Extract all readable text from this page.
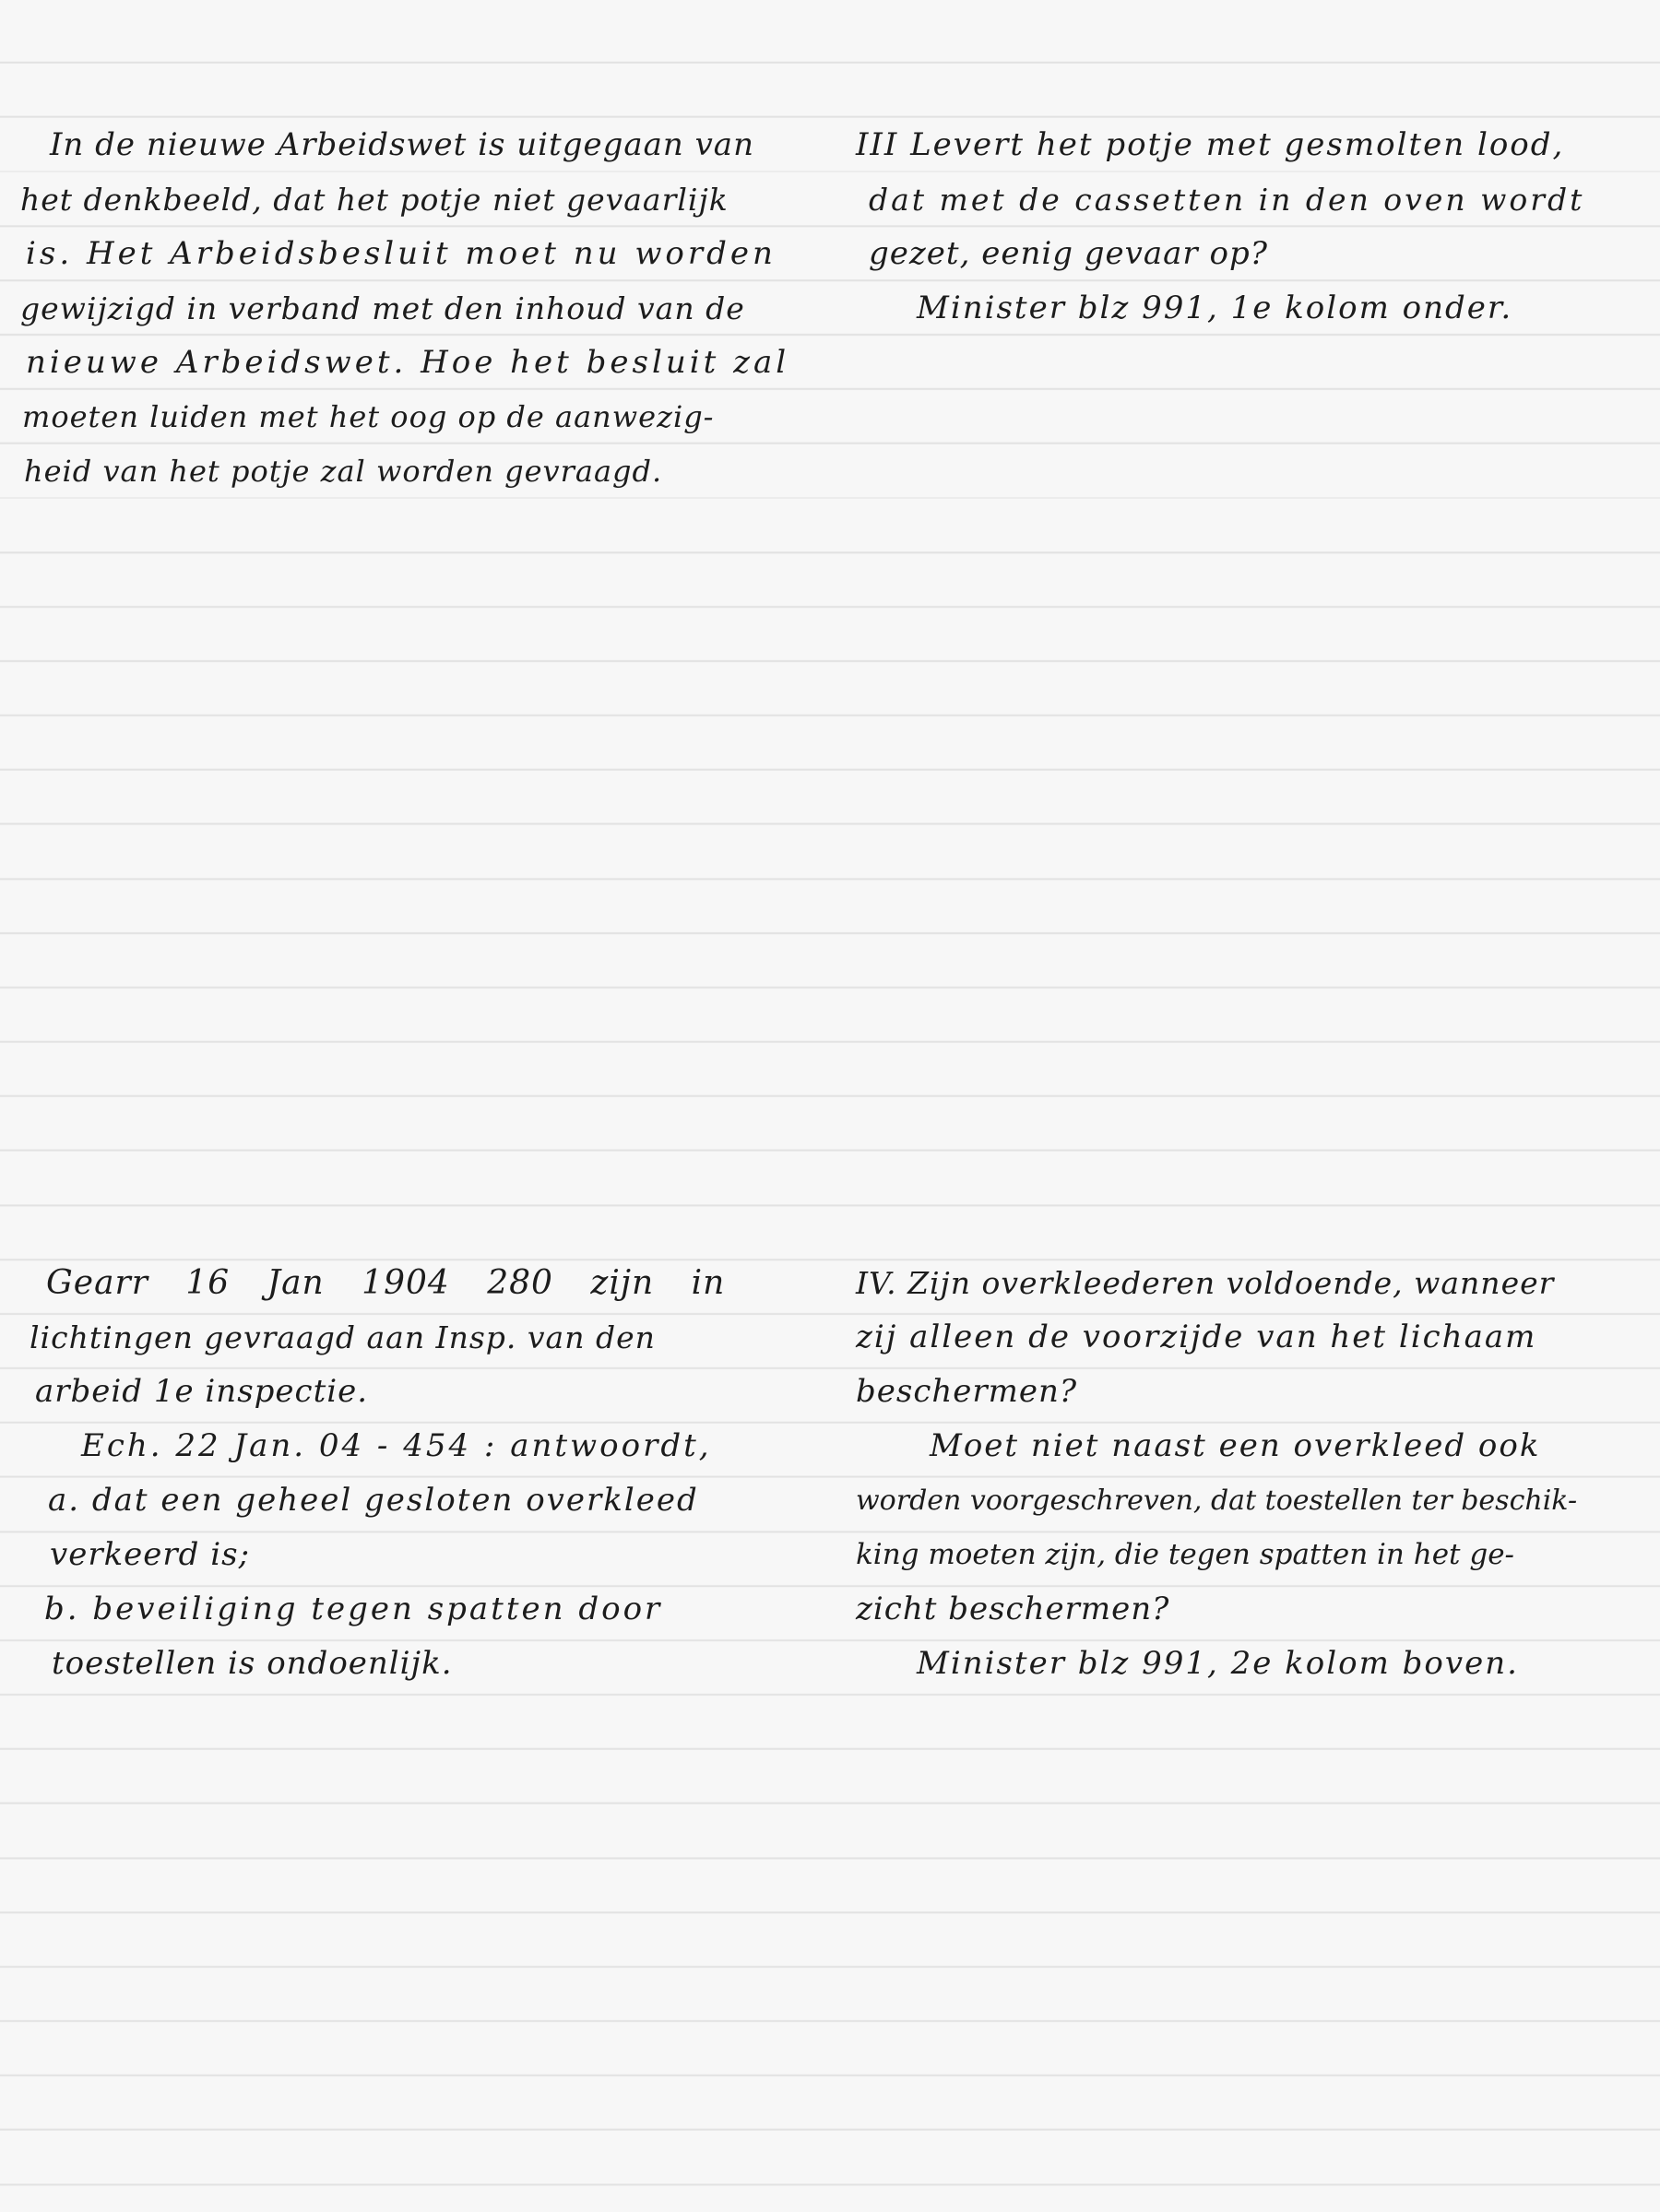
In de nieuwe Arbeidswet is uitgegaan van
het denkbeeld, dat het potje niet gevaarlijk
is. Het Arbeidsbesluit moet nu worden
gewijzigd in verband met den inhoud van de
nieuwe Arbeidswet. Hoe het besluit zal
moeten luiden met het oog op de aanwezig-
heid van het potje zal worden gevraagd.
III Levert het potje met gesmolten lood,
dat met de cassetten in den oven wordt
gezet, eenig gevaar op?
Minister blz 991, 1e kolom onder.
Gearr 16 Jan 1904 280 zijn in
lichtingen gevraagd aan Insp. van den
arbeid 1e inspectie.
Ech. 22 Jan. 04 - 454 : antwoordt,
a. dat een geheel gesloten overkleed
verkeerd is;
b. beveiliging tegen spatten door
toestellen is ondoenlijk.
IV. Zijn overkleederen voldoende, wanneer
zij alleen de voorzijde van het lichaam
beschermen?
Moet niet naast een overkleed ook
worden voorgeschreven, dat toestellen ter beschik-
king moeten zijn, die tegen spatten in het ge-
zicht beschermen?
Minister blz 991, 2e kolom boven.
